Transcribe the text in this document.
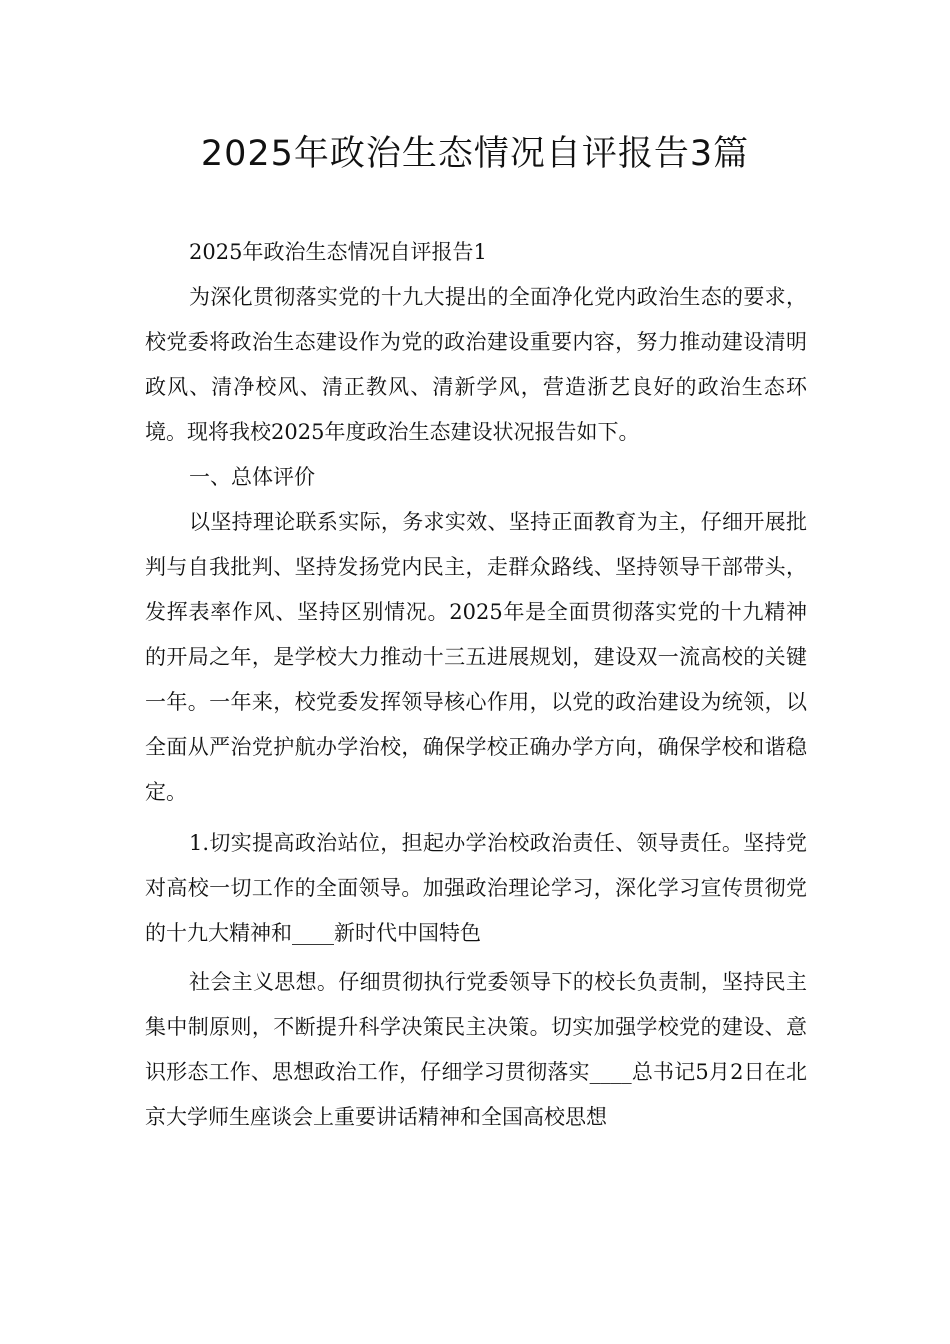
2025年政治生态情况自评报告3篇

2025年政治生态情况自评报告1

为深化贯彻落实党的十九大提出的全面净化党内政治生态的要求，校党委将政治生态建设作为党的政治建设重要内容，努力推动建设清明政风、清净校风、清正教风、清新学风，营造浙艺良好的政治生态环境。现将我校2025年度政治生态建设状况报告如下。

一、总体评价

以坚持理论联系实际，务求实效、坚持正面教育为主，仔细开展批判与自我批判、坚持发扬党内民主，走群众路线、坚持领导干部带头，发挥表率作风、坚持区别情况。2025年是全面贯彻落实党的十九精神的开局之年，是学校大力推动十三五进展规划，建设双一流高校的关键一年。一年来，校党委发挥领导核心作用，以党的政治建设为统领，以全面从严治党护航办学治校，确保学校正确办学方向，确保学校和谐稳定。

1.切实提高政治站位，担起办学治校政治责任、领导责任。坚持党对高校一切工作的全面领导。加强政治理论学习，深化学习宣传贯彻党的十九大精神和____新时代中国特色

社会主义思想。仔细贯彻执行党委领导下的校长负责制，坚持民主集中制原则，不断提升科学决策民主决策。切实加强学校党的建设、意识形态工作、思想政治工作，仔细学习贯彻落实____总书记5月2日在北京大学师生座谈会上重要讲话精神和全国高校思想
